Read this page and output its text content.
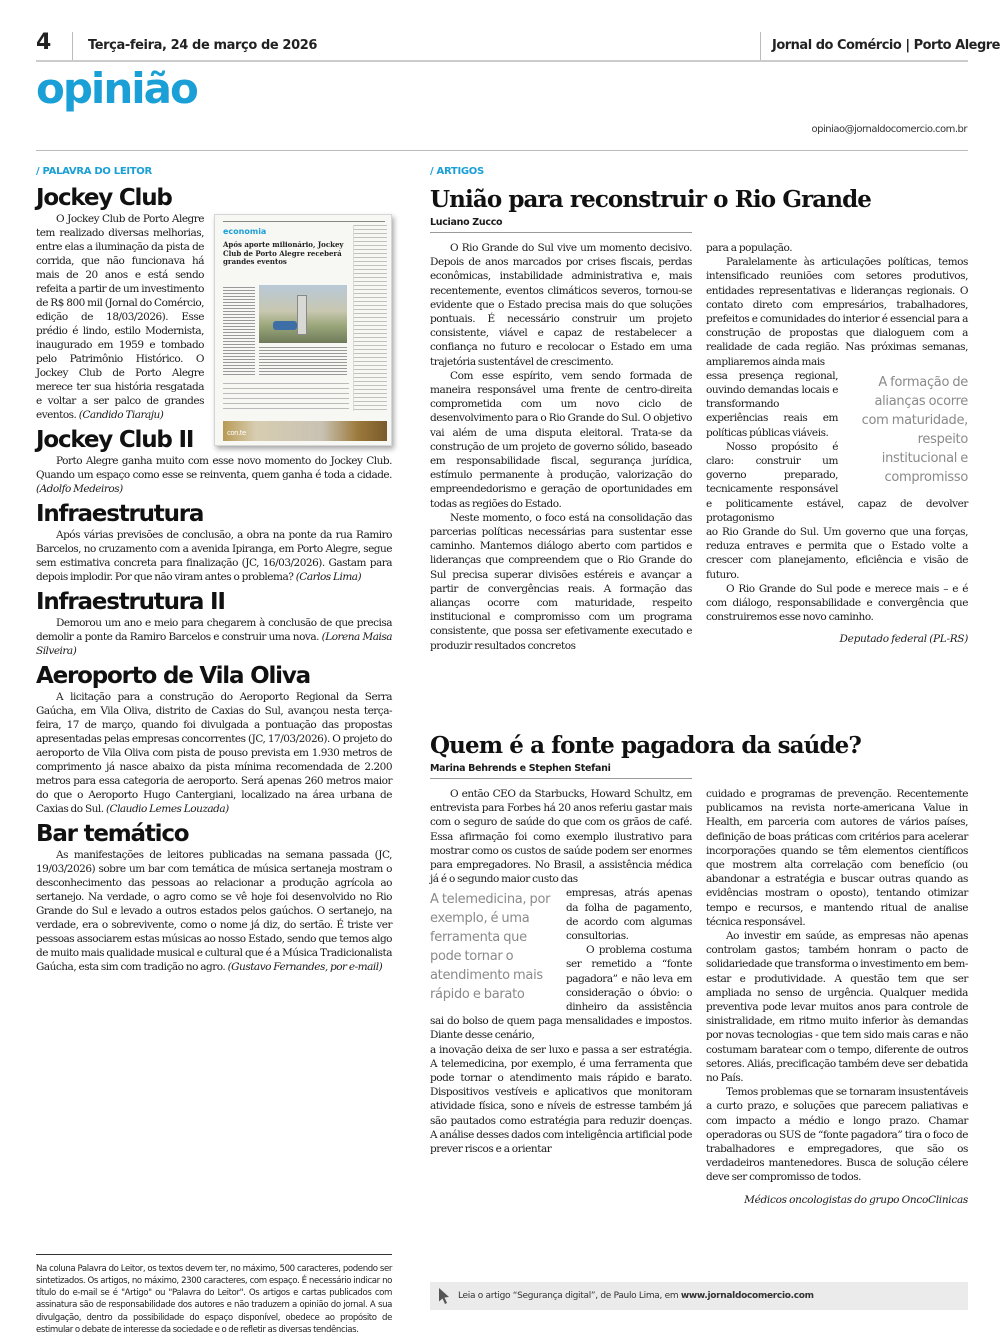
4	Terça-feira, 24 de março de 2026	Jornal do Comércio | Porto Alegre
opinião
opiniao@jornaldocomercio.com.br
/ PALAVRA DO LEITOR
Jockey Club
economia
Após aporte milionário, Jockey Club de Porto Alegre receberá grandes eventos
con.te
O Jockey Club de Porto Alegre tem realizado diversas melhorias, entre elas a iluminação da pista de corrida, que não funcionava há mais de 20 anos e está sendo refeita a partir de um investimento de R$ 800 mil (Jornal do Comércio, edição de 18/03/2026). Esse prédio é lindo, estilo Modernista, inaugurado em 1959 e tombado pelo Patrimônio Histórico. O Jockey Club de Porto Alegre merece ter sua história resgatada e voltar a ser palco de grandes eventos. (Candido Tiaraju)
Jockey Club II
Porto Alegre ganha muito com esse novo momento do Jockey Club. Quando um espaço como esse se reinventa, quem ganha é toda a cidade. (Adolfo Medeiros)
Infraestrutura
Após várias previsões de conclusão, a obra na ponte da rua Ramiro Barcelos, no cruzamento com a avenida Ipiranga, em Porto Alegre, segue sem estimativa concreta para finalização (JC, 16/03/2026). Gastam para depois implodir. Por que não viram antes o problema? (Carlos Lima)
Infraestrutura II
Demorou um ano e meio para chegarem à conclusão de que precisa demolir a ponte da Ramiro Barcelos e construir uma nova. (Lorena Maisa Silveira)
Aeroporto de Vila Oliva
A licitação para a construção do Aeroporto Regional da Serra Gaúcha, em Vila Oliva, distrito de Caxias do Sul, avançou nesta terça-feira, 17 de março, quando foi divulgada a pontuação das propostas apresentadas pelas empresas concorrentes (JC, 17/03/2026). O projeto do aeroporto de Vila Oliva com pista de pouso prevista em 1.930 metros de comprimento já nasce abaixo da pista mínima recomendada de 2.200 metros para essa categoria de aeroporto. Será apenas 260 metros maior do que o Aeroporto Hugo Cantergiani, localizado na área urbana de Caxias do Sul. (Claudio Lemes Louzada)
Bar temático
As manifestações de leitores publicadas na semana passada (JC, 19/03/2026) sobre um bar com temática de música sertaneja mostram o desconhecimento das pessoas ao relacionar a produção agrícola ao sertanejo. Na verdade, o agro como se vê hoje foi desenvolvido no Rio Grande do Sul e levado a outros estados pelos gaúchos. O sertanejo, na verdade, era o sobrevivente, como o nome já diz, do sertão. É triste ver pessoas associarem estas músicas ao nosso Estado, sendo que temos algo de muito mais qualidade musical e cultural que é a Música Tradicionalista Gaúcha, esta sim com tradição no agro. (Gustavo Fernandes, por e-mail)
Na coluna Palavra do Leitor, os textos devem ter, no máximo, 500 caracteres, podendo ser sintetizados. Os artigos, no máximo, 2300 caracteres, com espaço. É necessário indicar no título do e-mail se é "Artigo" ou "Palavra do Leitor". Os artigos e cartas publicados com assinatura são de responsabilidade dos autores e não traduzem a opinião do jornal. A sua divulgação, dentro da possibilidade do espaço disponível, obedece ao propósito de estimular o debate de interesse da sociedade e o de refletir as diversas tendências.
/ ARTIGOS
União para reconstruir o Rio Grande
Luciano Zucco

O Rio Grande do Sul vive um momento decisivo. Depois de anos marcados por crises fiscais, perdas econômicas, instabilidade administrativa e, mais recentemente, eventos climáticos severos, tornou-se evidente que o Estado precisa mais do que soluções pontuais. É necessário construir um projeto consistente, viável e capaz de restabelecer a confiança no futuro e recolocar o Estado em uma trajetória sustentável de crescimento.

Com esse espírito, vem sendo formada de maneira responsável uma frente de centro-direita comprometida com um novo ciclo de desenvolvimento para o Rio Grande do Sul. O objetivo vai além de uma disputa eleitoral. Trata-se da construção de um projeto de governo sólido, baseado em responsabilidade fiscal, segurança jurídica, estímulo permanente à produção, valorização do empreendedorismo e geração de oportunidades em todas as regiões do Estado.

Neste momento, o foco está na consolidação das parcerias políticas necessárias para sustentar esse caminho. Mantemos diálogo aberto com partidos e lideranças que compreendem que o Rio Grande do Sul precisa superar divisões estéreis e avançar a partir de convergências reais. A formação das alianças ocorre com maturidade, respeito institucional e compromisso com um programa consistente, que possa ser efetivamente executado e produzir resultados concretos

para a população.

Paralelamente às articulações políticas, temos intensificado reuniões com setores produtivos, entidades representativas e lideranças regionais. O contato direto com empresários, trabalhadores, prefeitos e comunidades do interior é essencial para a construção de propostas que dialoguem com a realidade de cada região. Nas próximas semanas, ampliaremos ainda mais

A formação de alianças ocorre com maturidade, respeito institucional e compromisso

essa presença regional, ouvindo demandas locais e transformando experiências reais em políticas públicas viáveis.

Nosso propósito é claro: construir um governo preparado, tecnicamente responsável e politicamente estável, capaz de devolver protagonismo

ao Rio Grande do Sul. Um governo que una forças, reduza entraves e permita que o Estado volte a crescer com planejamento, eficiência e visão de futuro.

O Rio Grande do Sul pode e merece mais – e é com diálogo, responsabilidade e convergência que construiremos esse novo caminho.

Deputado federal (PL-RS)
Quem é a fonte pagadora da saúde?
Marina Behrends e Stephen Stefani

O então CEO da Starbucks, Howard Schultz, em entrevista para Forbes há 20 anos referiu gastar mais com o seguro de saúde do que com os grãos de café. Essa afirmação foi como exemplo ilustrativo para mostrar como os custos de saúde podem ser enormes para empregadores. No Brasil, a assistência médica já é o segundo maior custo das

A telemedicina, por exemplo, é uma ferramenta que pode tornar o atendimento mais rápido e barato

empresas, atrás apenas da folha de pagamento, de acordo com algumas consultorias.

O problema costuma ser remetido a “fonte pagadora” e não leva em consideração o óbvio: o dinheiro da assistência sai do bolso de quem paga mensalidades e impostos. Diante desse cenário,

a inovação deixa de ser luxo e passa a ser estratégia. A telemedicina, por exemplo, é uma ferramenta que pode tornar o atendimento mais rápido e barato. Dispositivos vestíveis e aplicativos que monitoram atividade física, sono e níveis de estresse também já são pautados como estratégia para reduzir doenças. A análise desses dados com inteligência artificial pode prever riscos e a orientar

cuidado e programas de prevenção. Recentemente publicamos na revista norte-americana Value in Health, em parceria com autores de vários países, definição de boas práticas com critérios para acelerar incorporações quando se têm elementos científicos que mostrem alta correlação com benefício (ou abandonar a estratégia e buscar outras quando as evidências mostram o oposto), tentando otimizar tempo e recursos, e mantendo ritual de analise técnica responsável.

Ao investir em saúde, as empresas não apenas controlam gastos; também honram o pacto de solidariedade que transforma o investimento em bem-estar e produtividade. A questão tem que ser ampliada no senso de urgência. Qualquer medida preventiva pode levar muitos anos para controle de sinistralidade, em ritmo muito inferior às demandas por novas tecnologias - que tem sido mais caras e não costumam baratear com o tempo, diferente de outros setores. Aliás, precificação também deve ser debatida no País.

Temos problemas que se tornaram insustentáveis a curto prazo, e soluções que parecem paliativas e com impacto a médio e longo prazo. Chamar operadoras ou SUS de “fonte pagadora” tira o foco de trabalhadores e empregadores, que são os verdadeiros mantenedores. Busca de solução célere deve ser compromisso de todos.

Médicos oncologistas do grupo OncoClinicas
Leia o artigo “Segurança digital”, de Paulo Lima, em
www.jornaldocomercio.com
